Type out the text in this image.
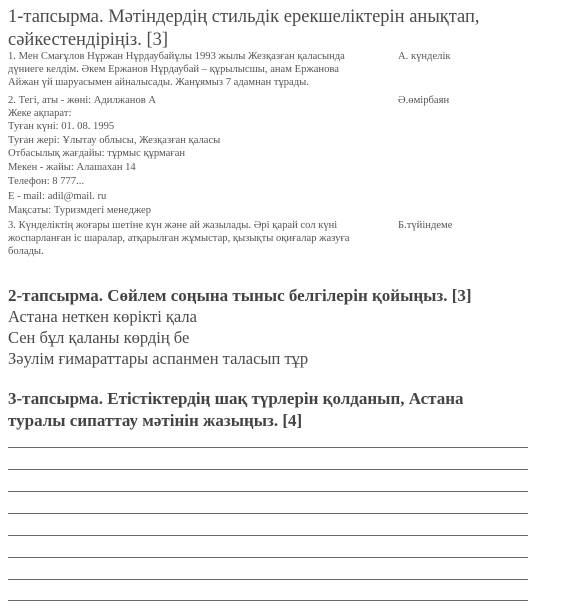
1-тапсырма. Мәтіндердің стильдік ерекшеліктерін анықтап,
сәйкестендіріңіз. [3]
1. Мен Смағұлов Нұржан Нұрдаубайұлы 1993 жылы Жезқазған қаласында
дүниеге келдім. Әкем Ержанов Нұрдаубай – құрылысшы, анам Ержанова
Айжан үй шаруасымен айналысады. Жанұямыз 7 адамнан тұрады.
А. күнделік
2. Тегі, аты - жөні: Адилжанов А
Жеке ақпарат:
Туған күні: 01. 08. 1995
Туған жері: Ұлытау облысы, Жезқазған қаласы
Отбасылық жағдайы: тұрмыс құрмаған
Мекен - жайы: Алашахан 14
Телефон: 8 777...
E - mail: adil@mail. ru
Мақсаты: Туризмдегі менеджер
Ә.өмірбаян
3. Күнделіктің жоғары шетіне күн және ай жазылады. Әрі қарай сол күні
жоспарланған іс шаралар, атқарылған жұмыстар, қызықты оқиғалар жазуға
болады.
Б.түйіндеме
2-тапсырма. Сөйлем соңына тыныс белгілерін қойыңыз. [3]
Астана неткен көрікті қала
Сен бұл қаланы көрдің бе
Зәулім ғимараттары аспанмен таласып тұр
3-тапсырма. Етістіктердің шақ түрлерін қолданып, Астана
туралы сипаттау мәтінін жазыңыз. [4]
